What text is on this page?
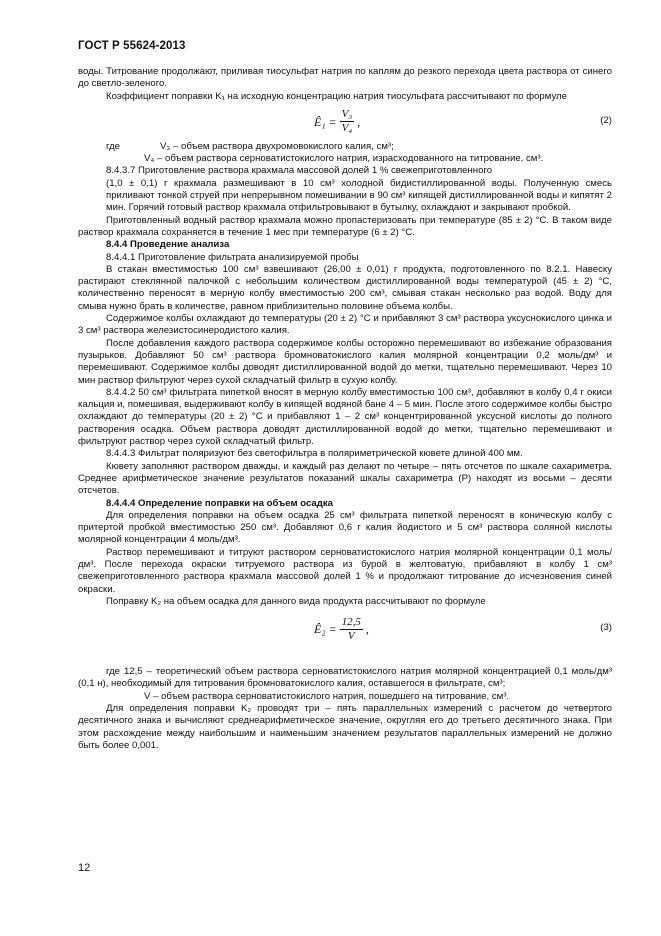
ГОСТ Р 55624-2013

воды. Титрование продолжают, приливая тиосульфат натрия по каплям до резкого перехода цвета раствора от синего до светло-зеленого.

Коэффициент поправки K₁ на исходную концентрацию натрия тиосульфата рассчитывают по формуле

Ê₁ = $\frac{\text{V₃}}{\text{V₄}}$ ,	(2)

где	V₃ – объем раствора двухромовокислого калия, см³;

V₄ – объем раствора серноватистокислого натрия, израсходованного на титрование, см³.

8.4.3.7 Приготовление раствора крахмала массовой долей 1 % свежеприготовленного

(1,0 ± 0,1) г крахмала размешивают в 10 см³ холодной бидистиллированной воды. Полученную смесь приливают тонкой струей при непрерывном помешивании в 90 см³ кипящей дистиллированной воды и кипятят 2 мин. Горячий готовый раствор крахмала отфильтровывают в бутылку, охлаждают и закрывают пробкой.

Приготовленный водный раствор крахмала можно пропастеризовать при температуре (85 ± 2) °С. В таком виде раствор крахмала сохраняется в течение 1 мес при температуре (6 ± 2) °С.

8.4.4 Проведение анализа

8.4.4.1 Приготовление фильтрата анализируемой пробы

В стакан вместимостью 100 см³ взвешивают (26,00 ± 0,01) г продукта, подготовленного по 8.2.1. Навеску растирают стеклянной палочкой с небольшим количеством дистиллированной воды температурой (45 ± 2) °С, количественно переносят в мерную колбу вместимостью 200 см³, смывая стакан несколько раз водой. Воду для смыва нужно брать в количестве, равном приблизительно половине объема колбы.

Содержимое колбы охлаждают до температуры (20 ± 2) °С и прибавляют 3 см³ раствора уксуснокислого цинка и 3 см³ раствора железистосинеродистого калия.

После добавления каждого раствора содержимое колбы осторожно перемешивают во избежание образования пузырьков. Добавляют 50 см³ раствора бромноватокислого калия молярной концентрации 0,2 моль/дм³ и перемешивают. Содержимое колбы доводят дистиллированной водой до метки, тщательно перемешивают. Через 10 мин раствор фильтруют через сухой складчатый фильтр в сухую колбу.

8.4.4.2 50 см³ фильтрата пипеткой вносят в мерную колбу вместимостью 100 см³, добавляют в колбу 0,4 г окиси кальция и, помешивая, выдерживают колбу в кипящей водяной бане 4 – 5 мин. После этого содержимое колбы быстро охлаждают до температуры (20 ± 2) °С и прибавляют 1 – 2 см³ концентрированной уксусной кислоты до полного растворения осадка. Объем раствора доводят дистиллированной водой до метки, тщательно перемешивают и фильтруют раствор через сухой складчатый фильтр.

8.4.4.3 Фильтрат поляризуют без светофильтра в поляриметрической кювете длиной 400 мм.

Кювету заполняют раствором дважды, и каждый раз делают по четыре – пять отсчетов по шкале сахариметра. Среднее арифметическое значение результатов показаний шкалы сахариметра (P) находят из восьми – десяти отсчетов.

8.4.4.4 Определение поправки на объем осадка

Для определения поправки на объем осадка 25 см³ фильтрата пипеткой переносят в коническую колбу с притертой пробкой вместимостью 250 см³. Добавляют 0,6 г калия йодистого и 5 см³ раствора соляной кислоты молярной концентрации 4 моль/дм³.

Раствор перемешивают и титруют раствором серноватистокислого натрия молярной концентрации 0,1 моль/дм³. После перехода окраски титруемого раствора из бурой в желтоватую, прибавляют в колбу 1 см³ свежеприготовленного раствора крахмала массовой долей 1 % и продолжают титрование до исчезновения синей окраски.

Поправку K₂ на объем осадка для данного вида продукта рассчитывают по формуле

Ê₂ = $\frac{12,5}{V}$ ,	(3)

где 12,5 – теоретический объем раствора серноватистокислого натрия молярной концентрацией 0,1 моль/дм³ (0,1 н), необходимый для титрования бромноватокислого калия, оставшегося в фильтрате, см³;

V – объем раствора серноватистокислого натрия, пошедшего на титрование, см³.

Для определения поправки K₂ проводят три – пять параллельных измерений с расчетом до четвертого десятичного знака и вычисляют среднеарифметическое значение, округляя его до третьего десятичного знака. При этом расхождение между наибольшим и наименьшим значением результатов параллельных измерений не должно быть более 0,001.

12
